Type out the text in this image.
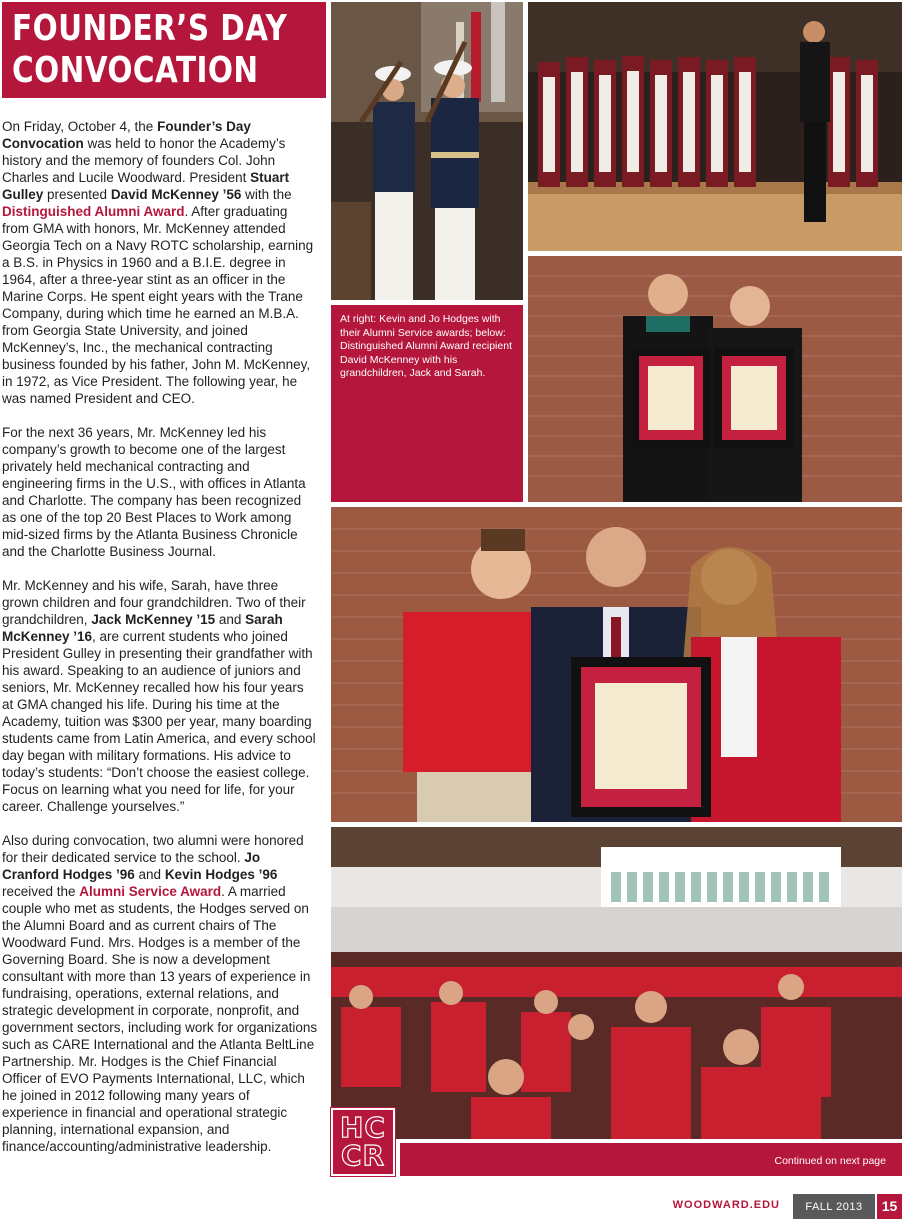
FOUNDER’S DAY
CONVOCATION

On Friday, October 4, the Founder’s Day Convocation was held to honor the Academy’s history and the memory of founders Col. John Charles and Lucile Woodward. President Stuart Gulley presented David McKenney ’56 with the Distinguished Alumni Award. After graduating from GMA with honors, Mr. McKenney attended Georgia Tech on a Navy ROTC scholarship, earning a B.S. in Physics in 1960 and a B.I.E. degree in 1964, after a three-year stint as an officer in the Marine Corps. He spent eight years with the Trane Company, during which time he earned an M.B.A. from Georgia State University, and joined McKenney’s, Inc., the mechanical contracting business founded by his father, John M. McKenney, in 1972, as Vice President. The following year, he was named President and CEO.

For the next 36 years, Mr. McKenney led his company’s growth to become one of the largest privately held mechanical contracting and engineering firms in the U.S., with offices in Atlanta and Charlotte. The company has been recognized as one of the top 20 Best Places to Work among mid-sized firms by the Atlanta Business Chronicle and the Charlotte Business Journal.

Mr. McKenney and his wife, Sarah, have three grown children and four grandchildren. Two of their grandchildren, Jack McKenney ’15 and Sarah McKenney ’16, are current students who joined President Gulley in presenting their grandfather with his award. Speaking to an audience of juniors and seniors, Mr. McKenney recalled how his four years at GMA changed his life. During his time at the Academy, tuition was $300 per year, many boarding students came from Latin America, and every school day began with military formations. His advice to today’s students: “Don’t choose the easiest college. Focus on learning what you need for life, for your career. Challenge yourselves.”

Also during convocation, two alumni were honored for their dedicated service to the school. Jo Cranford Hodges ’96 and Kevin Hodges ’96 received the Alumni Service Award. A married couple who met as students, the Hodges served on the Alumni Board and as current chairs of The Woodward Fund. Mrs. Hodges is a member of the Governing Board. She is now a development consultant with more than 13 years of experience in fundraising, operations, external relations, and strategic development in corporate, nonprofit, and government sectors, including work for organizations such as CARE International and the Atlanta BeltLine Partnership. Mr. Hodges is the Chief Financial Officer of EVO Payments International, LLC, which he joined in 2012 following many years of experience in financial and operational strategic planning, international expansion, and finance/accounting/administrative leadership.

At right: Kevin and Jo Hodges with their Alumni Service awards; below: Distinguished Alumni Award recipient David McKenney with his grandchildren, Jack and Sarah.
HC
CR	Continued on next page
WOODWARD.EDU	FALL 2013	15
